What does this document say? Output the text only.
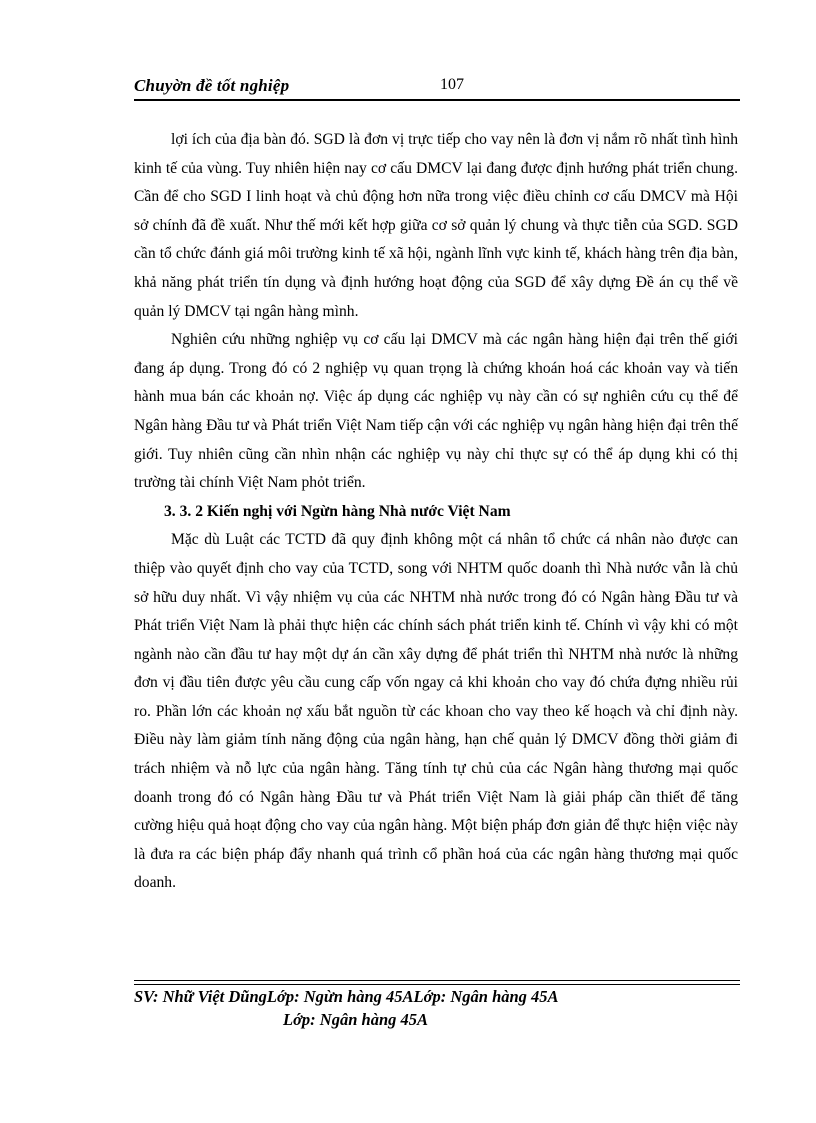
Chuyờn đề tốt nghiệp	107

lợi ích của địa bàn đó. SGD là đơn vị trực tiếp cho vay nên là đơn vị nắm rõ nhất tình hình kinh tế của vùng. Tuy nhiên hiện nay cơ cấu DMCV lại đang được định hướng phát triển chung. Cần để cho SGD I linh hoạt và chủ động hơn nữa trong việc điều chỉnh cơ cấu DMCV mà Hội sở chính đã đề xuất. Như thế mới kết hợp giữa cơ sở quản lý chung và thực tiễn của SGD. SGD cần tổ chức đánh giá môi trường kinh tế xã hội, ngành lĩnh vực kinh tế, khách hàng trên địa bàn, khả năng phát triển tín dụng và định hướng hoạt động của SGD để xây dựng Đề án cụ thể về quản lý DMCV tại ngân hàng mình.

Nghiên cứu những nghiệp vụ cơ cấu lại DMCV mà các ngân hàng hiện đại trên thế giới đang áp dụng. Trong đó có 2 nghiệp vụ quan trọng là chứng khoán hoá các khoản vay và tiến hành mua bán các khoản nợ. Việc áp dụng các nghiệp vụ này cần có sự nghiên cứu cụ thể để Ngân hàng Đầu tư và Phát triển Việt Nam tiếp cận với các nghiệp vụ ngân hàng hiện đại trên thế giới. Tuy nhiên cũng cần nhìn nhận các nghiệp vụ này chỉ thực sự có thể áp dụng khi có thị trường tài chính Việt Nam phỏt triển.

3. 3. 2 Kiến nghị với Ngừn hàng Nhà nước Việt Nam

Mặc dù Luật các TCTD đã quy định không một cá nhân tổ chức cá nhân nào được can thiệp vào quyết định cho vay của TCTD, song với NHTM quốc doanh thì Nhà nước vẫn là chủ sở hữu duy nhất. Vì vậy nhiệm vụ của các NHTM nhà nước trong đó có Ngân hàng Đầu tư và Phát triển Việt Nam là phải thực hiện các chính sách phát triển kinh tế. Chính vì vậy khi có một ngành nào cần đầu tư hay một dự án cần xây dựng để phát triển thì NHTM nhà nước là những đơn vị đầu tiên được yêu cầu cung cấp vốn ngay cả khi khoản cho vay đó chứa đựng nhiều rủi ro. Phần lớn các khoản nợ xấu bắt nguồn từ các khoan cho vay theo kế hoạch và chỉ định này. Điều này làm giảm tính năng động của ngân hàng, hạn chế quản lý DMCV đồng thời giảm đi trách nhiệm và nỗ lực của ngân hàng. Tăng tính tự chủ của các Ngân hàng thương mại quốc doanh trong đó có Ngân hàng Đầu tư và Phát triển Việt Nam là giải pháp cần thiết để tăng cường hiệu quả hoạt động cho vay của ngân hàng. Một biện pháp đơn giản để thực hiện việc này là đưa ra các biện pháp đẩy nhanh quá trình cổ phần hoá của các ngân hàng thương mại quốc doanh.

SV: Nhữ Việt DũngLớp: Ngừn hàng 45ALớp: Ngân hàng 45A
Lớp: Ngân hàng 45A
